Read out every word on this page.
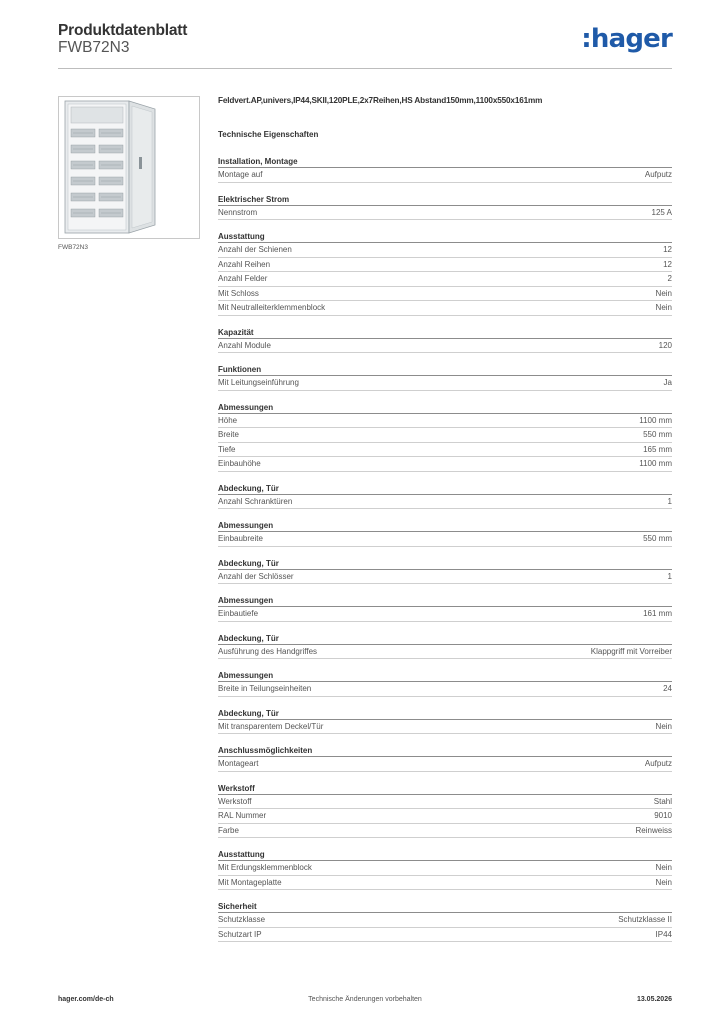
Produktdatenblatt
FWB72N3	:hager
FWB72N3
Feldvert.AP,univers,IP44,SKII,120PLE,2x7Reihen,HS Abstand150mm,1100x550x161mm
Technische Eigenschaften
Installation, Montage
Montage auf	Aufputz
Elektrischer Strom
Nennstrom	125 A
Ausstattung
Anzahl der Schienen	12
Anzahl Reihen	12
Anzahl Felder	2
Mit Schloss	Nein
Mit Neutralleiterklemmenblock	Nein
Kapazität
Anzahl Module	120
Funktionen
Mit Leitungseinführung	Ja
Abmessungen
Höhe	1100 mm
Breite	550 mm
Tiefe	165 mm
Einbauhöhe	1100 mm
Abdeckung, Tür
Anzahl Schranktüren	1
Abmessungen
Einbaubreite	550 mm
Abdeckung, Tür
Anzahl der Schlösser	1
Abmessungen
Einbautiefe	161 mm
Abdeckung, Tür
Ausführung des Handgriffes	Klappgriff mit Vorreiber
Abmessungen
Breite in Teilungseinheiten	24
Abdeckung, Tür
Mit transparentem Deckel/Tür	Nein
Anschlussmöglichkeiten
Montageart	Aufputz
Werkstoff
Werkstoff	Stahl
RAL Nummer	9010
Farbe	Reinweiss
Ausstattung
Mit Erdungsklemmenblock	Nein
Mit Montageplatte	Nein
Sicherheit
Schutzklasse	Schutzklasse II
Schutzart IP	IP44
hager.com/de-ch	Technische Änderungen vorbehalten	13.05.2026
